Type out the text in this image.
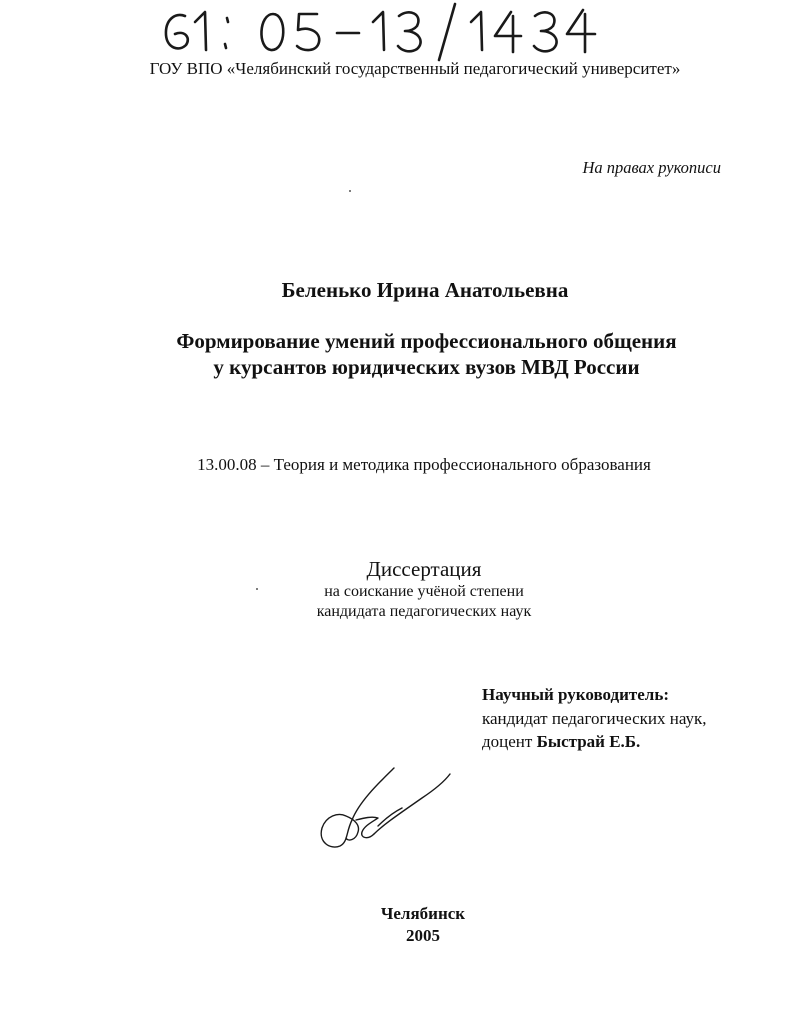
ГОУ ВПО «Челябинский государственный педагогический университет»
На правах рукописи
Беленько Ирина Анатольевна
Формирование умений профессионального общения
у курсантов юридических вузов МВД России
13.00.08 – Теория и методика профессионального образования
Диссертация
на соискание учёной степени
кандидата педагогических наук
Научный руководитель:
кандидат педагогических наук,
доцент Быстрай Е.Б.
Челябинск
2005
